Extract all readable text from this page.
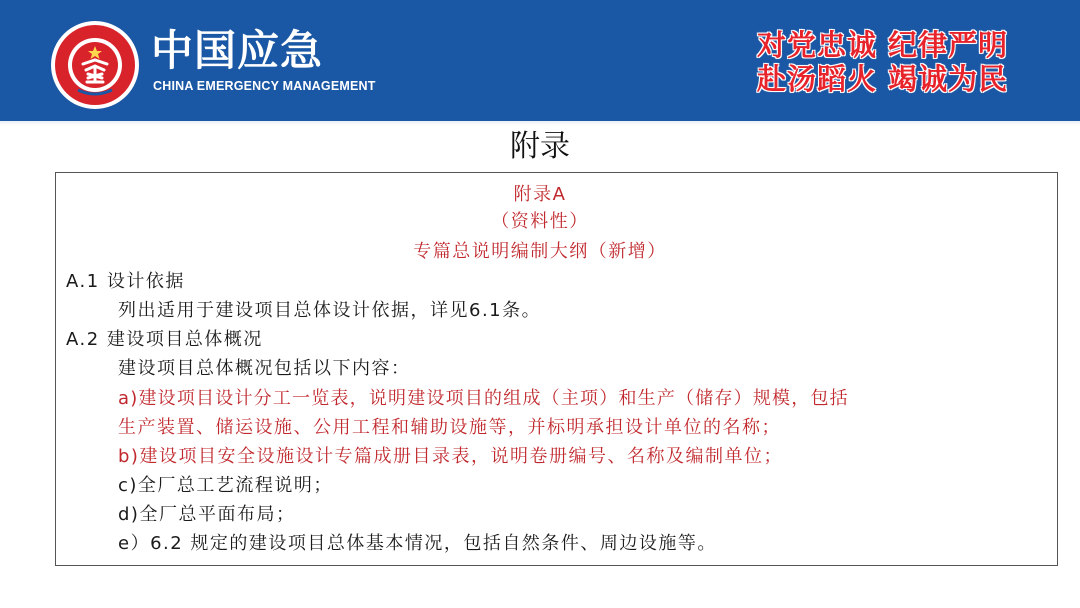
中国应急
CHINA EMERGENCY MANAGEMENT
对党忠诚 纪律严明
赴汤蹈火 竭诚为民
附录
附录A
（资料性）
专篇总说明编制大纲（新增）
A.1 设计依据
列出适用于建设项目总体设计依据，详见6.1条。
A.2 建设项目总体概况
建设项目总体概况包括以下内容：
a)建设项目设计分工一览表，说明建设项目的组成（主项）和生产（储存）规模，包括
生产装置、储运设施、公用工程和辅助设施等，并标明承担设计单位的名称；
b)建设项目安全设施设计专篇成册目录表，说明卷册编号、名称及编制单位；
c)全厂总工艺流程说明；
d)全厂总平面布局；
e）6.2 规定的建设项目总体基本情况，包括自然条件、周边设施等。
